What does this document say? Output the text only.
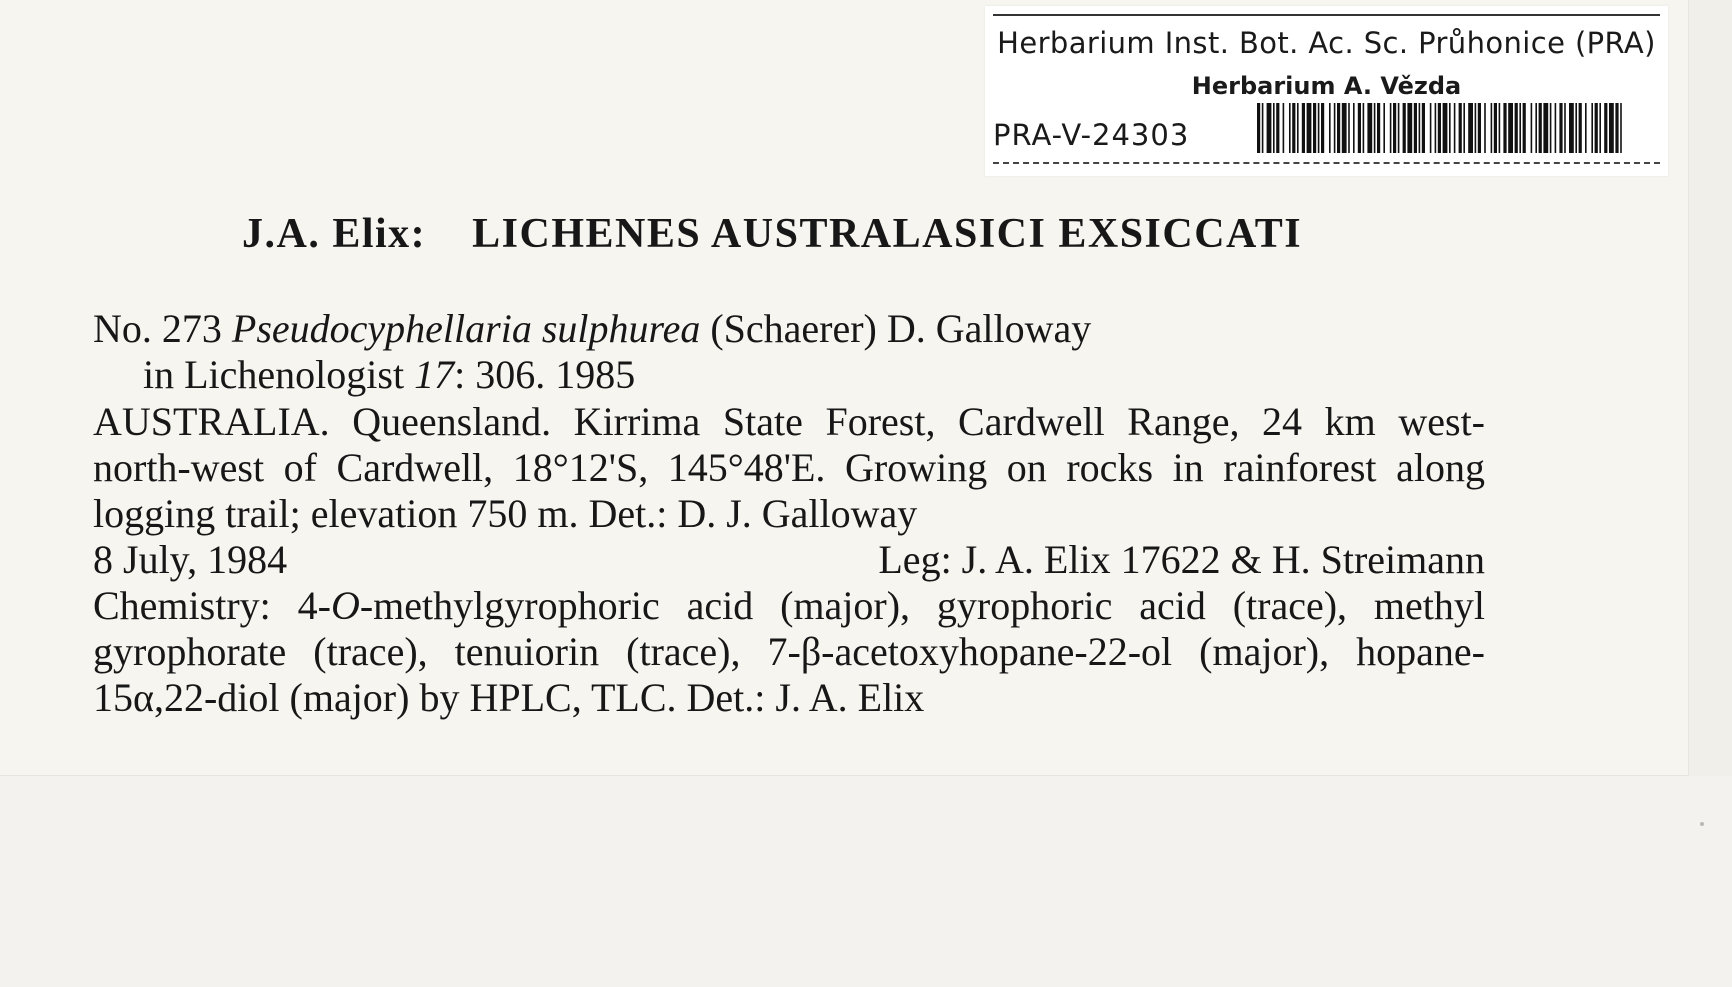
Herbarium Inst. Bot. Ac. Sc. Průhonice (PRA)
Herbarium A. Vězda
PRA-V-24303
J.A. Elix: LICHENES AUSTRALASICI EXSICCATI
No. 273 Pseudocyphellaria sulphurea (Schaerer) D. Galloway
in Lichenologist 17: 306. 1985
AUSTRALIA. Queensland. Kirrima State Forest, Cardwell Range, 24 km west-
north-west of Cardwell, 18°12'S, 145°48'E. Growing on rocks in rainforest along
logging trail; elevation 750 m. Det.: D. J. Galloway
8 July, 1984	Leg: J. A. Elix 17622 & H. Streimann
Chemistry: 4-O-methylgyrophoric acid (major), gyrophoric acid (trace), methyl
gyrophorate (trace), tenuiorin (trace), 7-β-acetoxyhopane-22-ol (major), hopane-
15α,22-diol (major) by HPLC, TLC. Det.: J. A. Elix
